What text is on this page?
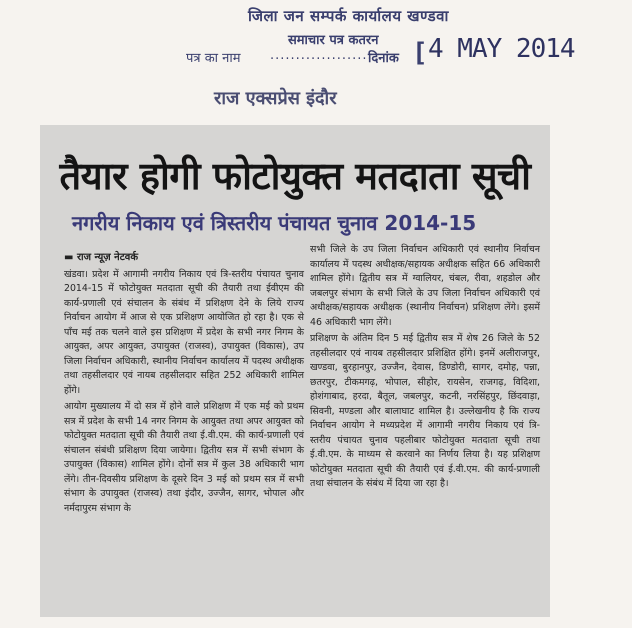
जिला जन सम्पर्क कार्यालय खण्डवा
समाचार पत्र कतरन
पत्र का नाम ....................
दिनांक [ 4 MAY 2014
राज एक्सप्रेस इंदौर
तैयार होगी फोटोयुक्त मतदाता सूची
नगरीय निकाय एवं त्रिस्तरीय पंचायत चुनाव 2014-15

▬ राज न्यूज़ नेटवर्क

खंडवा। प्रदेश में आगामी नगरीय निकाय एवं त्रि-स्तरीय पंचायत चुनाव 2014-15 में फोटोयुक्त मतदाता सूची की तैयारी तथा ईवीएम की कार्य-प्रणाली एवं संचालन के संबंध में प्रशिक्षण देने के लिये राज्य निर्वाचन आयोग में आज से एक प्रशिक्षण आयोजित हो रहा है। एक से पाँच मई तक चलने वाले इस प्रशिक्षण में प्रदेश के सभी नगर निगम के आयुक्त, अपर आयुक्त, उपायुक्त (राजस्व), उपायुक्त (विकास), उप जिला निर्वाचन अधिकारी, स्थानीय निर्वाचन कार्यालय में पदस्थ अधीक्षक तथा तहसीलदार एवं नायब तहसीलदार सहित 252 अधिकारी शामिल होंगे।

आयोग मुख्यालय में दो सत्र में होने वाले प्रशिक्षण में एक मई को प्रथम सत्र में प्रदेश के सभी 14 नगर निगम के आयुक्त तथा अपर आयुक्त को फोटोयुक्त मतदाता सूची की तैयारी तथा ई.वी.एम. की कार्य-प्रणाली एवं संचालन संबंधी प्रशिक्षण दिया जायेगा। द्वितीय सत्र में सभी संभाग के उपायुक्त (विकास) शामिल होंगे। दोनों सत्र में कुल 38 अधिकारी भाग लेंगे। तीन-दिवसीय प्रशिक्षण के दूसरे दिन 3 मई को प्रथम सत्र में सभी संभाग के उपायुक्त (राजस्व) तथा इंदौर, उज्जैन, सागर, भोपाल और नर्मदापुरम संभाग के

सभी जिले के उप जिला निर्वाचन अधिकारी एवं स्थानीय निर्वाचन कार्यालय में पदस्थ अधीक्षक/सहायक अधीक्षक सहित 66 अधिकारी शामिल होंगे। द्वितीय सत्र में ग्वालियर, चंबल, रीवा, शहडोल और जबलपुर संभाग के सभी जिले के उप जिला निर्वाचन अधिकारी एवं अधीक्षक/सहायक अधीक्षक (स्थानीय निर्वाचन) प्रशिक्षण लेंगे। इसमें 46 अधिकारी भाग लेंगे।

प्रशिक्षण के अंतिम दिन 5 मई द्वितीय सत्र में शेष 26 जिले के 52 तहसीलदार एवं नायब तहसीलदार प्रशिक्षित होंगे। इनमें अलीराजपुर, खण्डवा, बुरहानपुर, उज्जैन, देवास, डिण्डोरी, सागर, दमोह, पन्ना, छतरपुर, टीकमगढ़, भोपाल, सीहोर, रायसेन, राजगढ़, विदिशा, होशंगाबाद, हरदा, बैतूल, जबलपुर, कटनी, नरसिंहपुर, छिंदवाड़ा, सिवनी, मण्डला और बालाघाट शामिल है। उल्लेखनीय है कि राज्य निर्वाचन आयोग ने मध्यप्रदेश में आगामी नगरीय निकाय एवं त्रि-स्तरीय पंचायत चुनाव पहलीबार फोटोयुक्त मतदाता सूची तथा ई.वी.एम. के माध्यम से करवाने का निर्णय लिया है। यह प्रशिक्षण फोटोयुक्त मतदाता सूची की तैयारी एवं ई.वी.एम. की कार्य-प्रणाली तथा संचालन के संबंध में दिया जा रहा है।
